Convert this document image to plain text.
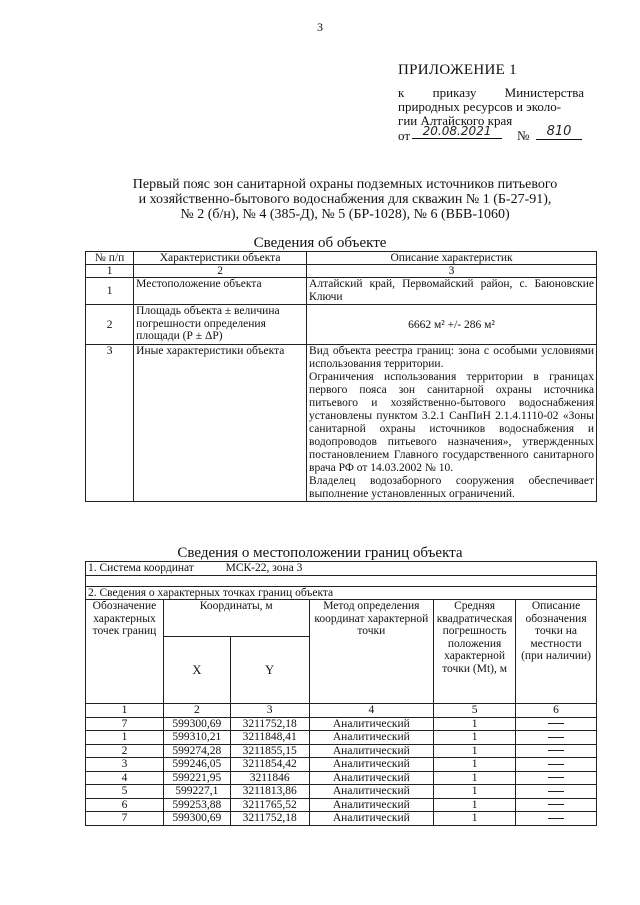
3
ПРИЛОЖЕНИЕ 1
к приказу Министерства
природных ресурсов и эколо-
гии Алтайского края
от	20.08.2021	№	810
Первый пояс зон санитарной охраны подземных источников питьевого
и хозяйственно-бытового водоснабжения для скважин № 1 (Б-27-91),
№ 2 (б/н), № 4 (385-Д), № 5 (БР-1028), № 6 (ВБВ-1060)
Сведения об объекте
№ п/п	Характеристики объекта	Описание характеристик
1	2	3
1	Местоположение объекта	Алтайский край, Первомайский район, с. Баюновские Ключи
2	Площадь объекта ± величина погрешности определения площади (Р ± ΔР)	6662 м² +/- 286 м²
3	Иные характеристики объекта	Вид объекта реестра границ: зона с особыми условиями использования территории.
Ограничения использования территории в границах первого пояса зон санитарной охраны источника питьевого и хозяйственно-бытового водоснабжения установлены пунктом 3.2.1 СанПиН 2.1.4.1110-02 «Зоны санитарной охраны источников водоснабжения и водопроводов питьевого назначения», утвержденных постановлением Главного государственного санитарного врача РФ от 14.03.2002 № 10.
Владелец водозаборного сооружения обеспечивает выполнение установленных ограничений.
Сведения о местоположении границ объекта
1. Система координат МСК-22, зона 3					

2. Сведения о характерных точках границ объекта					
Обозначение характерных точек границ	Координаты, м		Метод определения координат характерной точки	Средняя квадратическая погрешность положения характерной точки (Mt), м	Описание обозначения точки на местности (при наличии)
	X	Y			
1	2	3	4	5	6
7	599300,69	3211752,18	Аналитический	1	
1	599310,21	3211848,41	Аналитический	1	
2	599274,28	3211855,15	Аналитический	1	
3	599246,05	3211854,42	Аналитический	1	
4	599221,95	3211846	Аналитический	1	
5	599227,1	3211813,86	Аналитический	1	
6	599253,88	3211765,52	Аналитический	1	
7	599300,69	3211752,18	Аналитический	1	
